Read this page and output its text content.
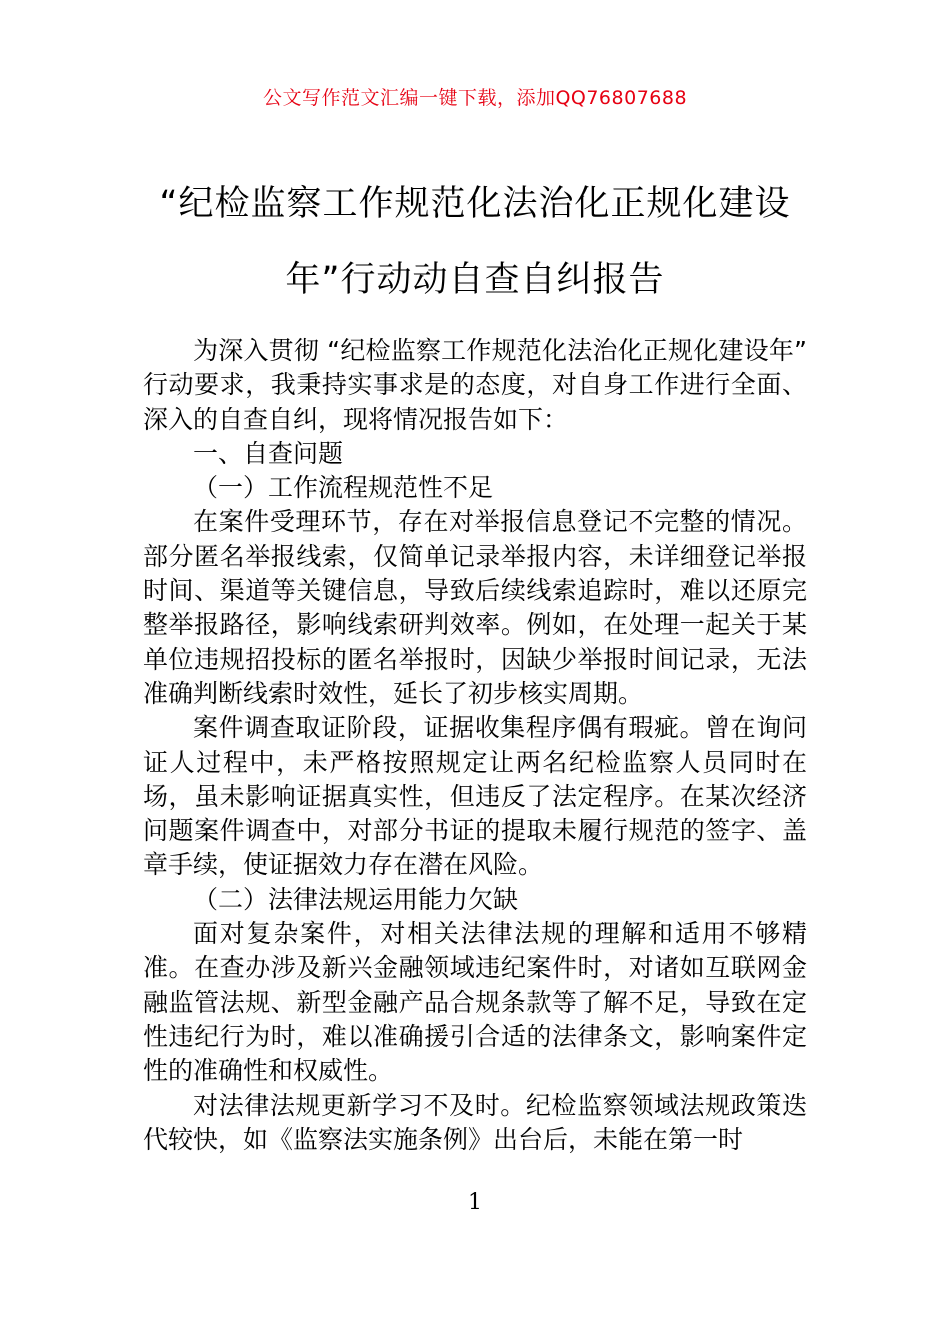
公文写作范文汇编一键下载，添加QQ76807688
“纪检监察工作规范化法治化正规化建设
年”行动动自查自纠报告

为深入贯彻 “纪检监察工作规范化法治化正规化建设年” 行动要求，我秉持实事求是的态度，对自身工作进行全面、深入的自查自纠，现将情况报告如下：

一、自查问题

（一）工作流程规范性不足

在案件受理环节，存在对举报信息登记不完整的情况。部分匿名举报线索，仅简单记录举报内容，未详细登记举报时间、渠道等关键信息，导致后续线索追踪时，难以还原完整举报路径，影响线索研判效率。例如，在处理一起关于某单位违规招投标的匿名举报时，因缺少举报时间记录，无法准确判断线索时效性，延长了初步核实周期。

案件调查取证阶段，证据收集程序偶有瑕疵。曾在询问证人过程中，未严格按照规定让两名纪检监察人员同时在场，虽未影响证据真实性，但违反了法定程序。在某次经济问题案件调查中，对部分书证的提取未履行规范的签字、盖章手续，使证据效力存在潜在风险。

（二）法律法规运用能力欠缺

面对复杂案件，对相关法律法规的理解和适用不够精准。在查办涉及新兴金融领域违纪案件时，对诸如互联网金融监管法规、新型金融产品合规条款等了解不足，导致在定性违纪行为时，难以准确援引合适的法律条文，影响案件定性的准确性和权威性。

对法律法规更新学习不及时。纪检监察领域法规政策迭代较快，如《监察法实施条例》出台后，未能在第一时

1
